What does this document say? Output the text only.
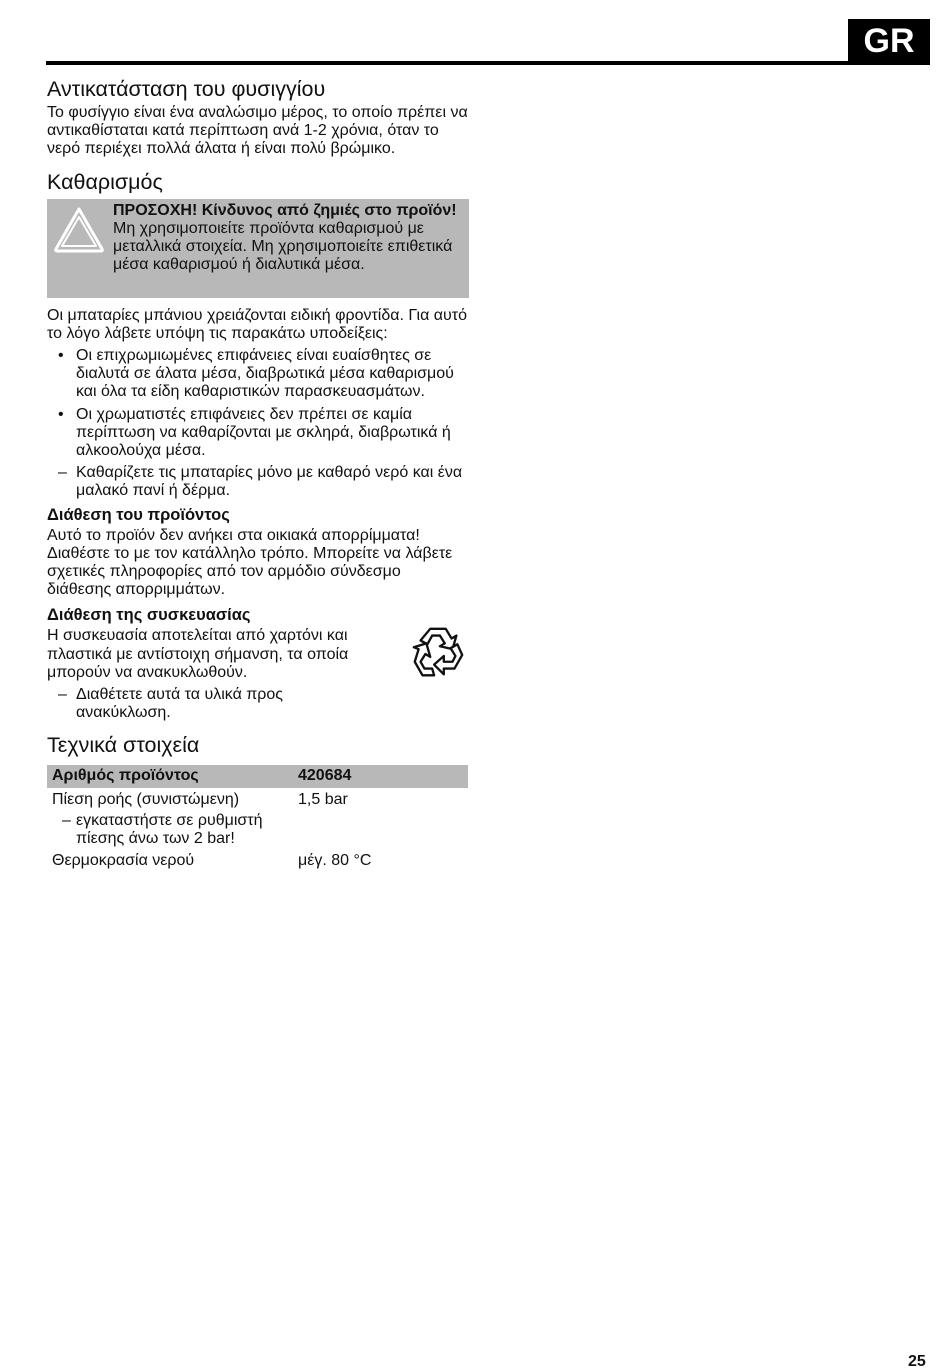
GR
Αντικατάσταση του φυσιγγίου

Το φυσίγγιο είναι ένα αναλώσιμο μέρος, το οποίο πρέπει να αντικαθίσταται κατά περίπτωση ανά 1-2 χρόνια, όταν το νερό περιέχει πολλά άλατα ή είναι πολύ βρώμικο.

Καθαρισμός
ΠΡΟΣΟΧΗ! Κίνδυνος από ζημιές στο προϊόν! Μη χρησιμοποιείτε προϊόντα καθαρισμού με μεταλλικά στοιχεία. Μη χρησιμοποιείτε επιθετικά μέσα καθαρισμού ή διαλυτικά μέσα.

Οι μπαταρίες μπάνιου χρειάζονται ειδική φροντίδα. Για αυτό το λόγο λάβετε υπόψη τις παρακάτω υποδείξεις:

• Οι επιχρωμιωμένες επιφάνειες είναι ευαίσθητες σε διαλυτά σε άλατα μέσα, διαβρωτικά μέσα καθαρισμού και όλα τα είδη καθαριστικών παρασκευασμάτων.
• Οι χρωματιστές επιφάνειες δεν πρέπει σε καμία περίπτωση να καθαρίζονται με σκληρά, διαβρωτικά ή αλκοολούχα μέσα.
– Καθαρίζετε τις μπαταρίες μόνο με καθαρό νερό και ένα μαλακό πανί ή δέρμα.
Διάθεση του προϊόντος

Αυτό το προϊόν δεν ανήκει στα οικιακά απορρίμματα! Διαθέστε το με τον κατάλληλο τρόπο. Μπορείτε να λάβετε σχετικές πληροφορίες από τον αρμόδιο σύνδεσμο διάθεσης απορριμμάτων.

Διάθεση της συσκευασίας

Η συσκευασία αποτελείται από χαρτόνι και πλαστικά με αντίστοιχη σήμανση, τα οποία μπορούν να ανακυκλωθούν.

– Διαθέτετε αυτά τα υλικά προς ανακύκλωση.
Τεχνικά στοιχεία
Αριθμός προϊόντος	420684
Πίεση ροής (συνιστώμενη)	1,5 bar

– εγκαταστήστε σε ρυθμιστή πίεσης άνω των 2 bar!	

Θερμοκρασία νερού	μέγ. 80 °C
25
